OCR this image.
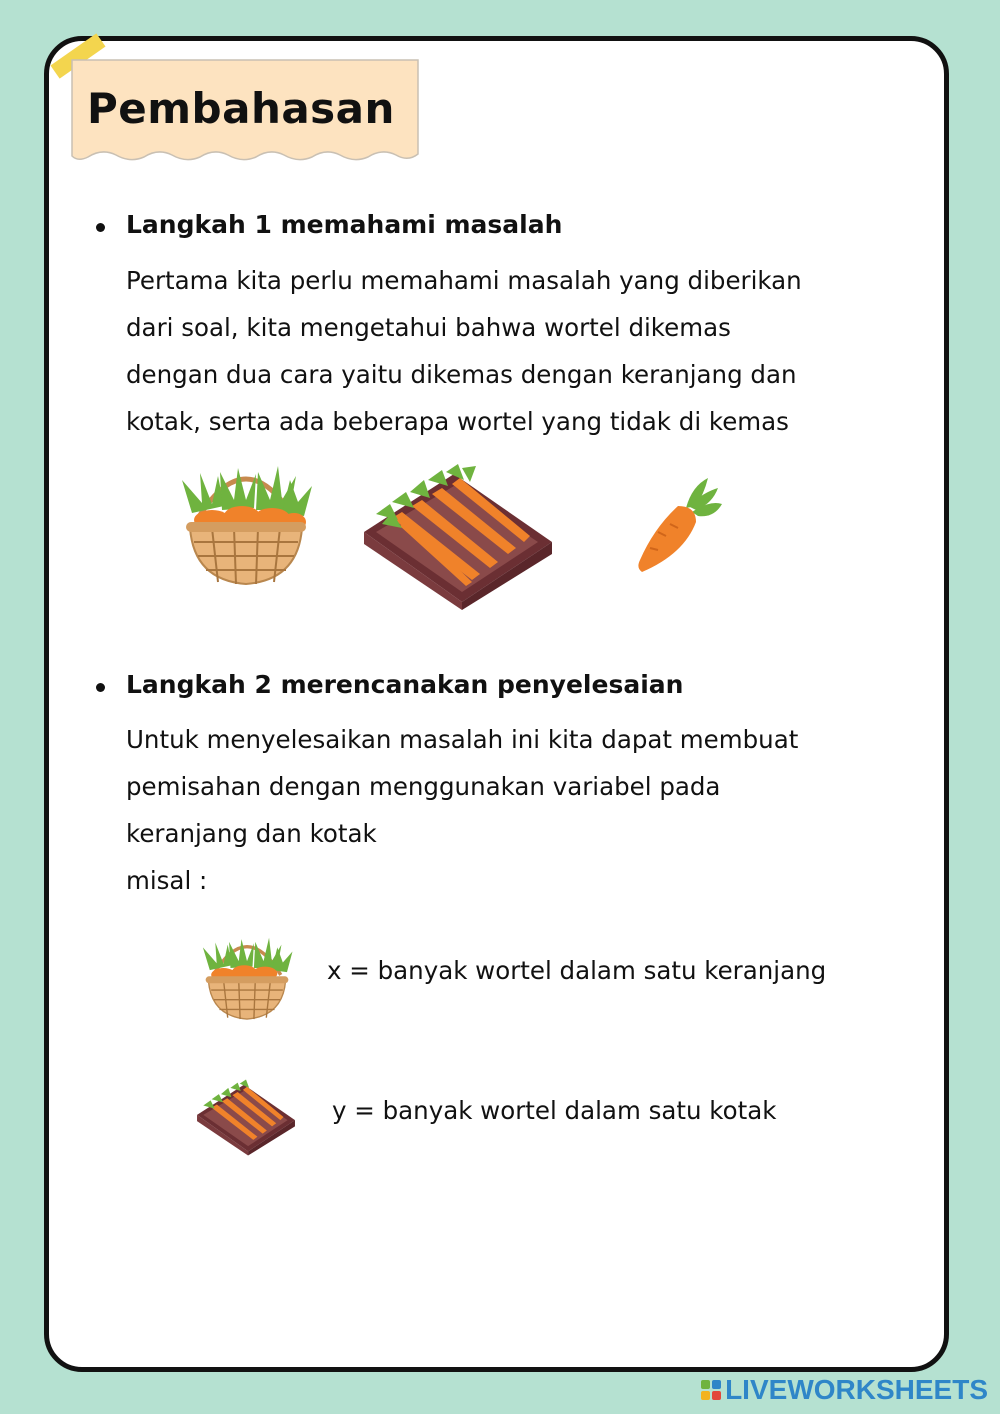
Pembahasan
Langkah 1 memahami masalah
Pertama kita perlu memahami masalah yang diberikan
dari soal, kita mengetahui bahwa wortel dikemas
dengan dua cara yaitu dikemas dengan keranjang dan
kotak, serta ada beberapa wortel yang tidak di kemas
Langkah 2 merencanakan penyelesaian
Untuk menyelesaikan masalah ini kita dapat membuat
pemisahan dengan menggunakan variabel pada
keranjang dan kotak
misal :
x = banyak wortel dalam satu keranjang
y = banyak wortel dalam satu kotak
LIVEWORKSHEETS
